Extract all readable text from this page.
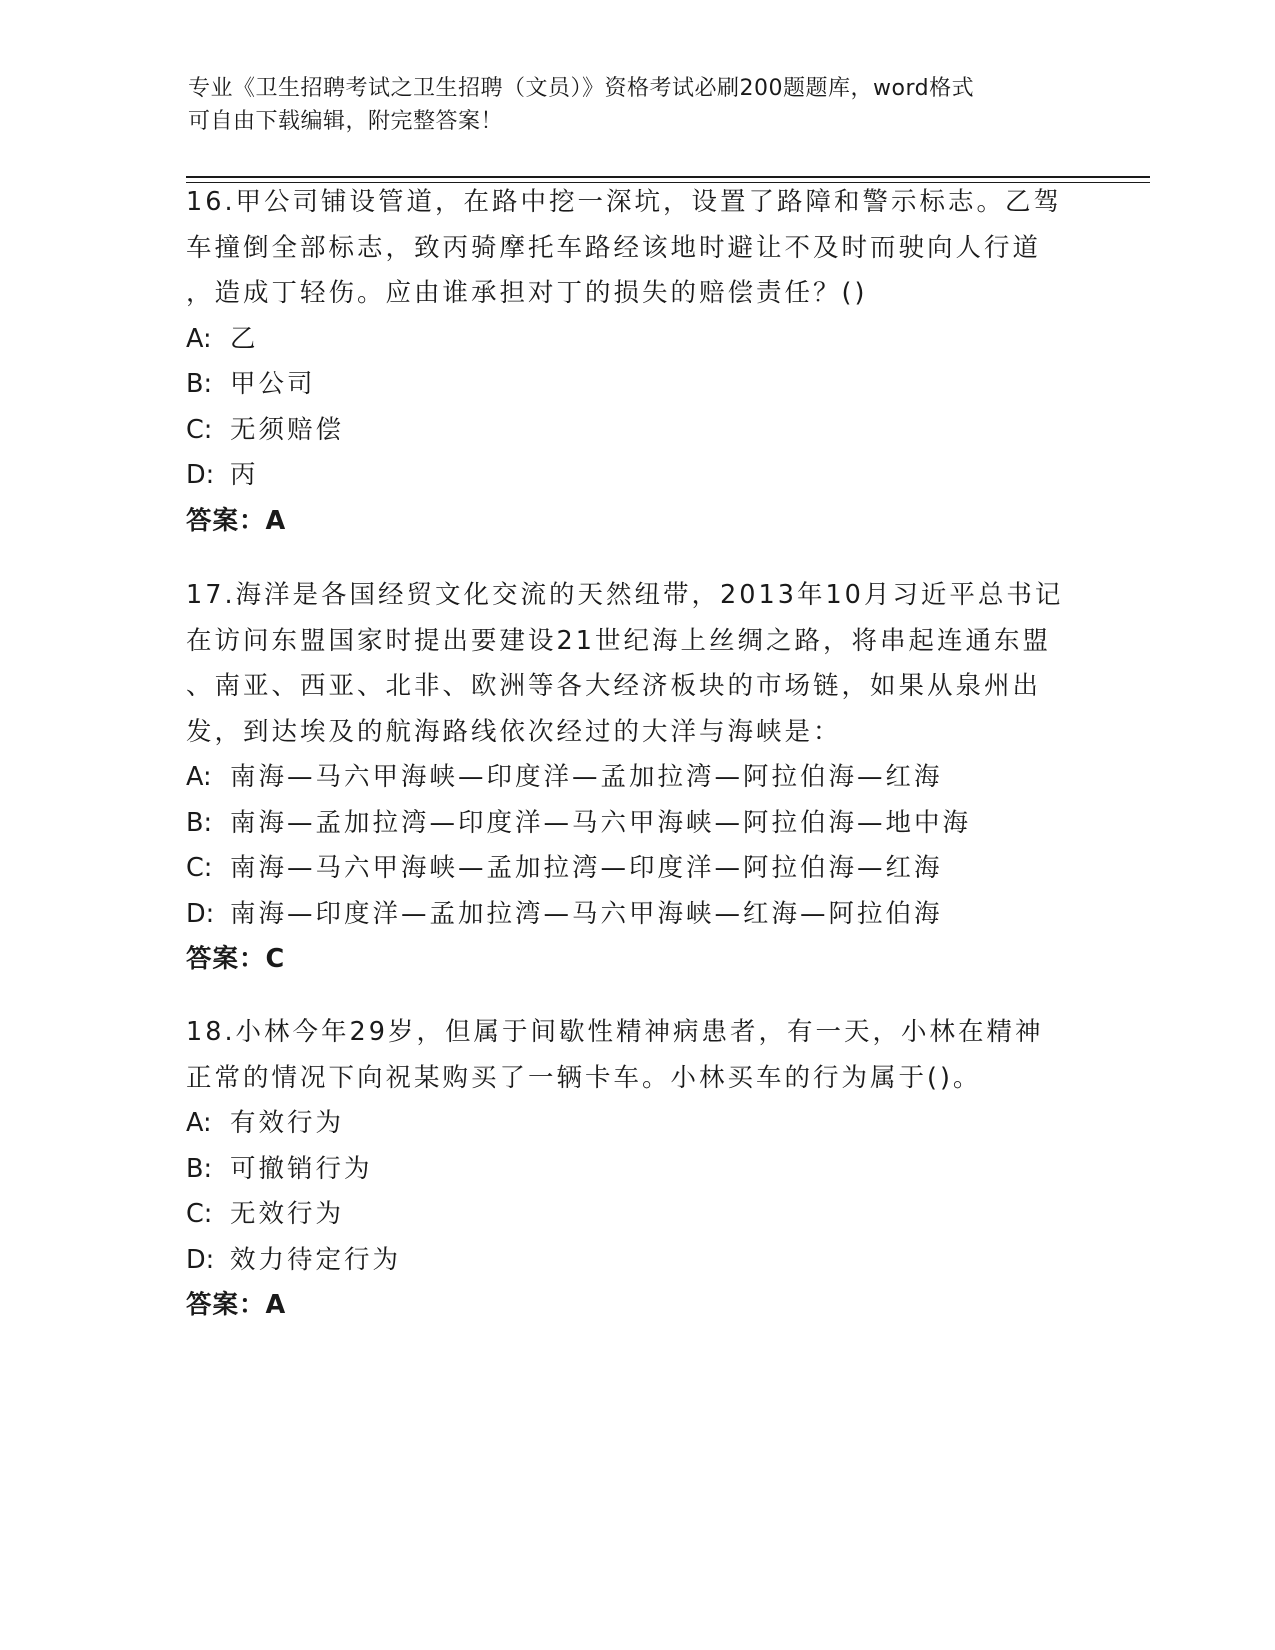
专业《卫生招聘考试之卫生招聘（文员）》资格考试必刷200题题库，word格式
可自由下载编辑，附完整答案！
16.甲公司铺设管道，在路中挖一深坑，设置了路障和警示标志。乙驾
车撞倒全部标志，致丙骑摩托车路经该地时避让不及时而驶向人行道
，造成丁轻伤。应由谁承担对丁的损失的赔偿责任？()
A: 乙
B: 甲公司
C: 无须赔偿
D: 丙
答案：A
17.海洋是各国经贸文化交流的天然纽带，2013年10月习近平总书记
在访问东盟国家时提出要建设21世纪海上丝绸之路，将串起连通东盟
、南亚、西亚、北非、欧洲等各大经济板块的市场链，如果从泉州出
发，到达埃及的航海路线依次经过的大洋与海峡是：
A: 南海—马六甲海峡—印度洋—孟加拉湾—阿拉伯海—红海
B: 南海—孟加拉湾—印度洋—马六甲海峡—阿拉伯海—地中海
C: 南海—马六甲海峡—孟加拉湾—印度洋—阿拉伯海—红海
D: 南海—印度洋—孟加拉湾—马六甲海峡—红海—阿拉伯海
答案：C
18.小林今年29岁，但属于间歇性精神病患者，有一天，小林在精神
正常的情况下向祝某购买了一辆卡车。小林买车的行为属于()。
A: 有效行为
B: 可撤销行为
C: 无效行为
D: 效力待定行为
答案：A
